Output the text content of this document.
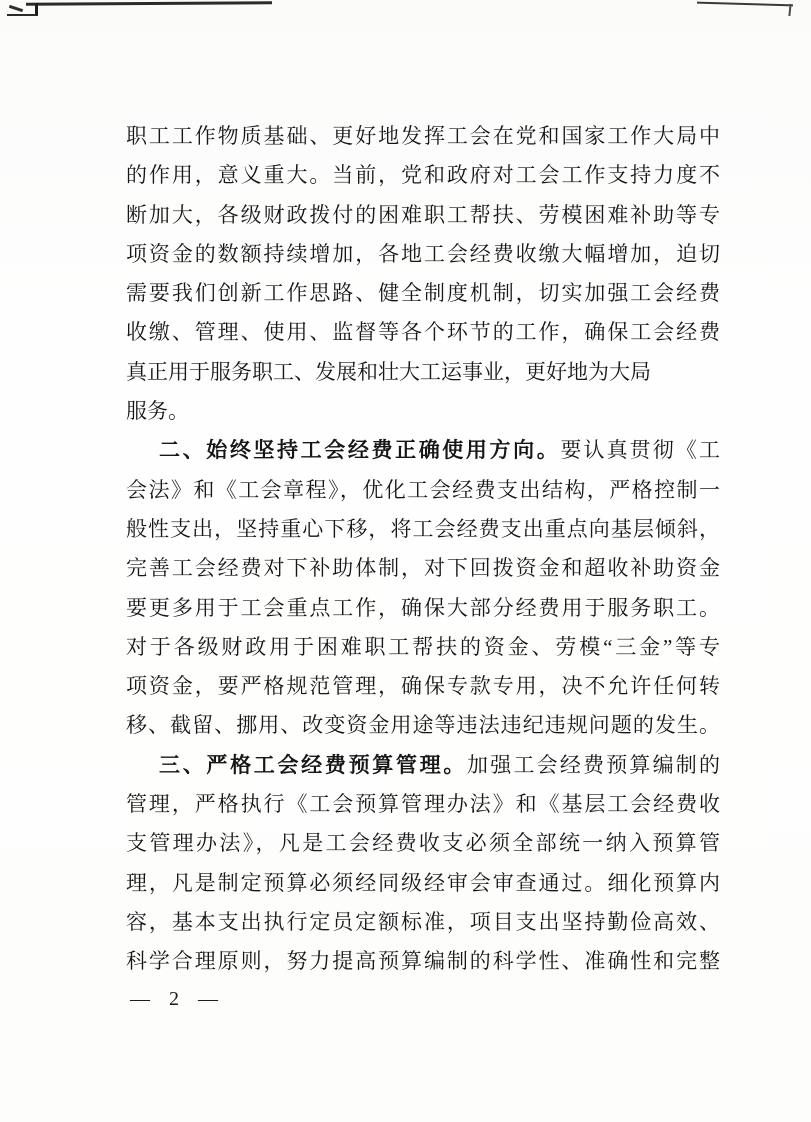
职工工作物质基础、更好地发挥工会在党和国家工作大局中
的作用，意义重大。当前，党和政府对工会工作支持力度不
断加大，各级财政拨付的困难职工帮扶、劳模困难补助等专
项资金的数额持续增加，各地工会经费收缴大幅增加，迫切
需要我们创新工作思路、健全制度机制，切实加强工会经费
收缴、管理、使用、监督等各个环节的工作，确保工会经费
真正用于服务职工、发展和壮大工运事业，更好地为大局
服务。
二、始终坚持工会经费正确使用方向。要认真贯彻《工
会法》和《工会章程》，优化工会经费支出结构，严格控制一
般性支出，坚持重心下移，将工会经费支出重点向基层倾斜，
完善工会经费对下补助体制，对下回拨资金和超收补助资金
要更多用于工会重点工作，确保大部分经费用于服务职工。
对于各级财政用于困难职工帮扶的资金、劳模“三金”等专
项资金，要严格规范管理，确保专款专用，决不允许任何转
移、截留、挪用、改变资金用途等违法违纪违规问题的发生。
三、严格工会经费预算管理。加强工会经费预算编制的
管理，严格执行《工会预算管理办法》和《基层工会经费收
支管理办法》，凡是工会经费收支必须全部统一纳入预算管
理，凡是制定预算必须经同级经审会审查通过。细化预算内
容，基本支出执行定员定额标准，项目支出坚持勤俭高效、
科学合理原则，努力提高预算编制的科学性、准确性和完整
— 2 —
